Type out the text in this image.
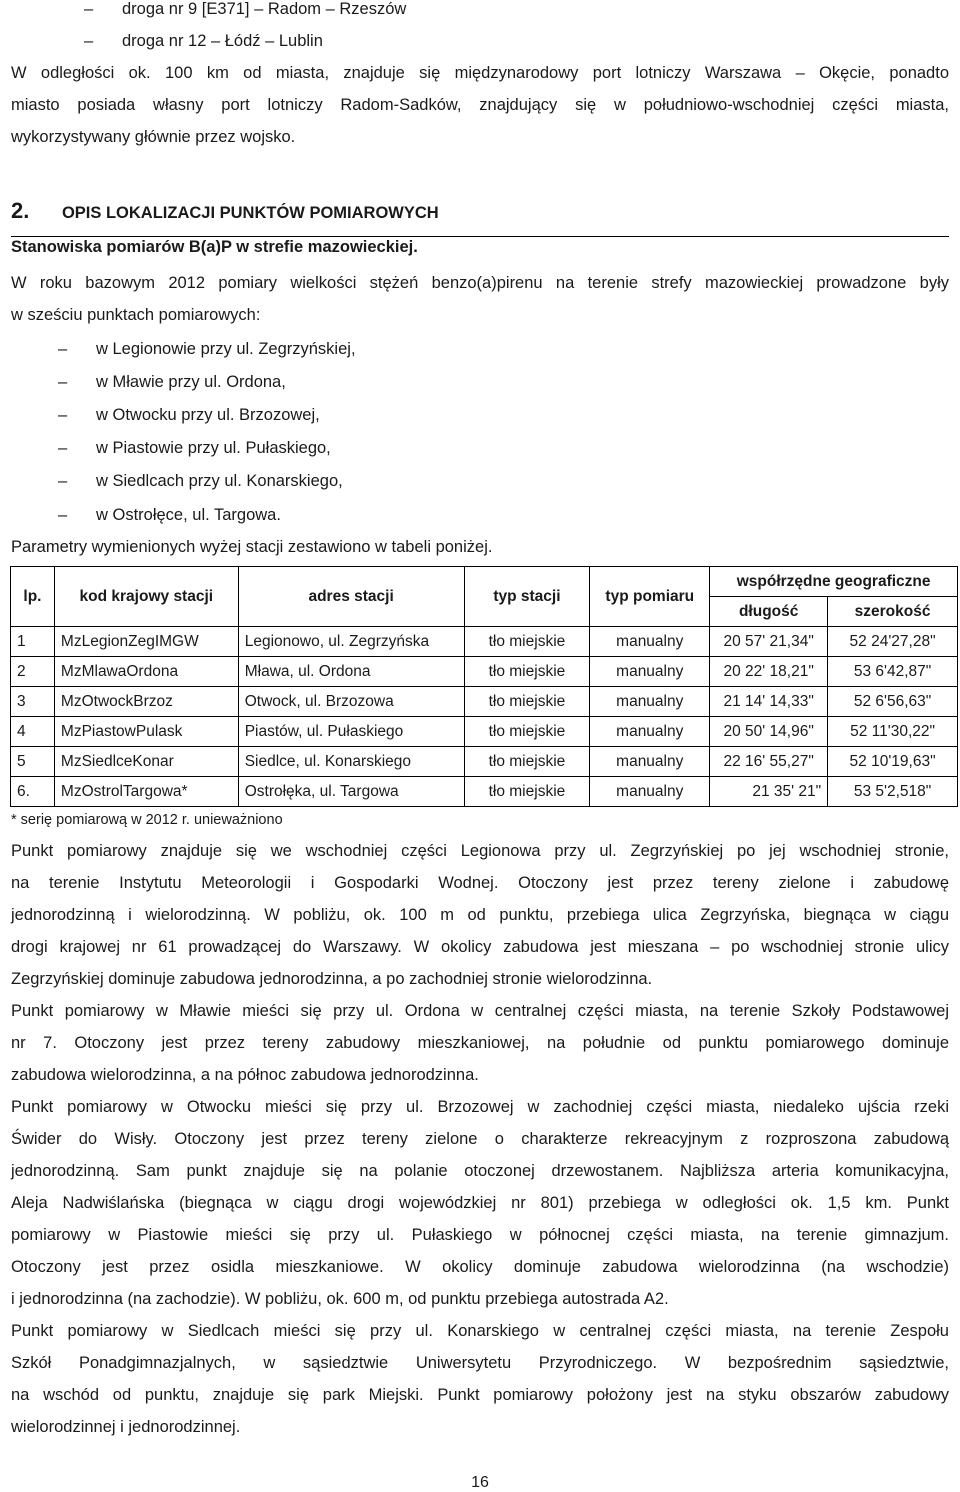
– droga nr 9 [E371] – Radom – Rzeszów
– droga nr 12 – Łódź – Lublin
W odległości ok. 100 km od miasta, znajduje się międzynarodowy port lotniczy Warszawa – Okęcie, ponadto
miasto posiada własny port lotniczy Radom-Sadków, znajdujący się w południowo-wschodniej części miasta,
wykorzystywany głównie przez wojsko.
2. OPIS LOKALIZACJI PUNKTÓW POMIAROWYCH
Stanowiska pomiarów B(a)P w strefie mazowieckiej.
W roku bazowym 2012 pomiary wielkości stężeń benzo(a)pirenu na terenie strefy mazowieckiej prowadzone były
w sześciu punktach pomiarowych:
– w Legionowie przy ul. Zegrzyńskiej,
– w Mławie przy ul. Ordona,
– w Otwocku przy ul. Brzozowej,
– w Piastowie przy ul. Pułaskiego,
– w Siedlcach przy ul. Konarskiego,
– w Ostrołęce, ul. Targowa.
Parametry wymienionych wyżej stacji zestawiono w tabeli poniżej.
lp.	kod krajowy stacji	adres stacji	typ stacji	typ pomiaru	współrzędne geograficzne	
					długość	szerokość
1	MzLegionZegIMGW	Legionowo, ul. Zegrzyńska	tło miejskie	manualny	20 57' 21,34"	52 24'27,28"
2	MzMlawaOrdona	Mława, ul. Ordona	tło miejskie	manualny	20 22' 18,21"	53 6'42,87"
3	MzOtwockBrzoz	Otwock, ul. Brzozowa	tło miejskie	manualny	21 14' 14,33"	52 6'56,63"
4	MzPiastowPulask	Piastów, ul. Pułaskiego	tło miejskie	manualny	20 50' 14,96"	52 11'30,22"
5	MzSiedlceKonar	Siedlce, ul. Konarskiego	tło miejskie	manualny	22 16' 55,27"	52 10'19,63"
6.	MzOstrolTargowa*	Ostrołęka, ul. Targowa	tło miejskie	manualny	21 35' 21"	53 5'2,518"
* serię pomiarową w 2012 r. unieważniono
Punkt pomiarowy znajduje się we wschodniej części Legionowa przy ul. Zegrzyńskiej po jej wschodniej stronie,
na terenie Instytutu Meteorologii i Gospodarki Wodnej. Otoczony jest przez tereny zielone i zabudowę
jednorodzinną i wielorodzinną. W pobliżu, ok. 100 m od punktu, przebiega ulica Zegrzyńska, biegnąca w ciągu
drogi krajowej nr 61 prowadzącej do Warszawy. W okolicy zabudowa jest mieszana – po wschodniej stronie ulicy
Zegrzyńskiej dominuje zabudowa jednorodzinna, a po zachodniej stronie wielorodzinna.
Punkt pomiarowy w Mławie mieści się przy ul. Ordona w centralnej części miasta, na terenie Szkoły Podstawowej
nr 7. Otoczony jest przez tereny zabudowy mieszkaniowej, na południe od punktu pomiarowego dominuje
zabudowa wielorodzinna, a na północ zabudowa jednorodzinna.
Punkt pomiarowy w Otwocku mieści się przy ul. Brzozowej w zachodniej części miasta, niedaleko ujścia rzeki
Świder do Wisły. Otoczony jest przez tereny zielone o charakterze rekreacyjnym z rozproszona zabudową
jednorodzinną. Sam punkt znajduje się na polanie otoczonej drzewostanem. Najbliższa arteria komunikacyjna,
Aleja Nadwiślańska (biegnąca w ciągu drogi wojewódzkiej nr 801) przebiega w odległości ok. 1,5 km. Punkt
pomiarowy w Piastowie mieści się przy ul. Pułaskiego w północnej części miasta, na terenie gimnazjum.
Otoczony jest przez osidla mieszkaniowe. W okolicy dominuje zabudowa wielorodzinna (na wschodzie)
i jednorodzinna (na zachodzie). W pobliżu, ok. 600 m, od punktu przebiega autostrada A2.
Punkt pomiarowy w Siedlcach mieści się przy ul. Konarskiego w centralnej części miasta, na terenie Zespołu
Szkół Ponadgimnazjalnych, w sąsiedztwie Uniwersytetu Przyrodniczego. W bezpośrednim sąsiedztwie,
na wschód od punktu, znajduje się park Miejski. Punkt pomiarowy położony jest na styku obszarów zabudowy
wielorodzinnej i jednorodzinnej.
16
